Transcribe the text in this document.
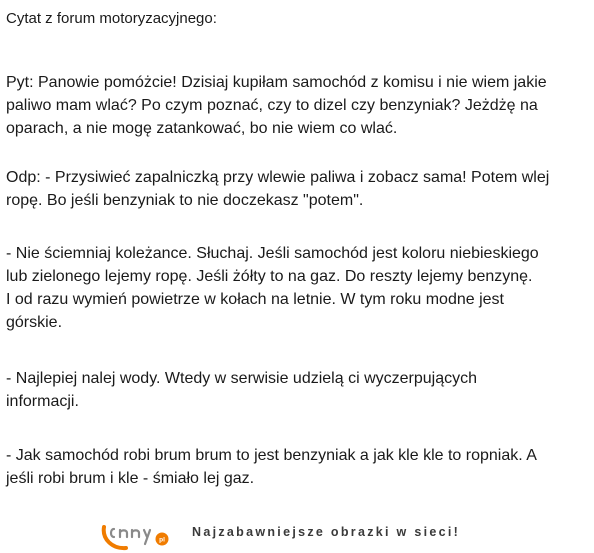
Cytat z forum motoryzacyjnego:
Pyt: Panowie pomóżcie! Dzisiaj kupiłam samochód z komisu i nie wiem jakie
paliwo mam wlać? Po czym poznać, czy to dizel czy benzyniak? Jeżdżę na
oparach, a nie mogę zatankować, bo nie wiem co wlać.
Odp: - Przysiwieć zapalniczką przy wlewie paliwa i zobacz sama! Potem wlej
ropę. Bo jeśli benzyniak to nie doczekasz "potem".
- Nie ściemniaj koleżance. Słuchaj. Jeśli samochód jest koloru niebieskiego
lub zielonego lejemy ropę. Jeśli żółty to na gaz. Do reszty lejemy benzynę.
I od razu wymień powietrze w kołach na letnie. W tym roku modne jest
górskie.
- Najlepiej nalej wody. Wtedy w serwisie udzielą ci wyczerpujących
informacji.
- Jak samochód robi brum brum to jest benzyniak a jak kle kle to ropniak. A
jeśli robi brum i kle - śmiało lej gaz.
pl
Najzabawniejsze obrazki w sieci!
